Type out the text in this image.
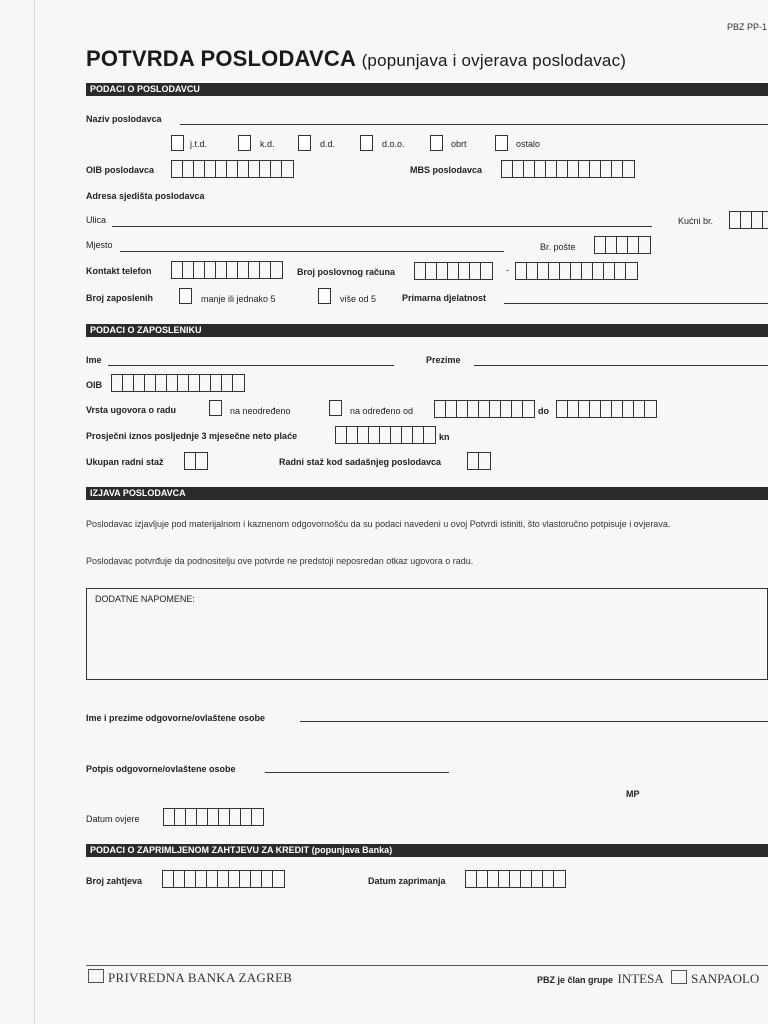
PBZ PP-1
POTVRDA POSLODAVCA (popunjava i ovjerava poslodavac)
PODACI O POSLODAVCU
Naziv poslodavca
j.t.d.	k.d.	d.d.	d.o.o.	obrt	ostalo
OIB poslodavca	MBS poslodavca
Adresa sjedišta poslodavca
Ulica	Kućni br.
Mjesto	Br. pošte
Kontakt telefon	Broj poslovnog računa	-
Broj zaposlenih	manje ili jednako 5	više od 5	Primarna djelatnost
PODACI O ZAPOSLENIKU
Ime	Prezime
OIB
Vrsta ugovora o radu	na neodređeno	na određeno od	do
Prosječni iznos posljednje 3 mjesečne neto plaće	kn
Ukupan radni staž	Radni staž kod sadašnjeg poslodavca
IZJAVA POSLODAVCA
Poslodavac izjavljuje pod materijalnom i kaznenom odgovornošću da su podaci navedeni u ovoj Potvrdi istiniti, što vlastoručno potpisuje i ovjerava.
Poslodavac potvrđuje da podnositelju ove potvrde ne predstoji neposredan otkaz ugovora o radu.
DODATNE NAPOMENE:
Ime i prezime odgovorne/ovlaštene osobe
Potpis odgovorne/ovlaštene osobe
MP
Datum ovjere
PODACI O ZAPRIMLJENOM ZAHTJEVU ZA KREDIT (popunjava Banka)
Broj zahtjeva	Datum zaprimanja
PRIVREDNA BANKA ZAGREB	PBZ je član grupe INTESA SANPAOLO
